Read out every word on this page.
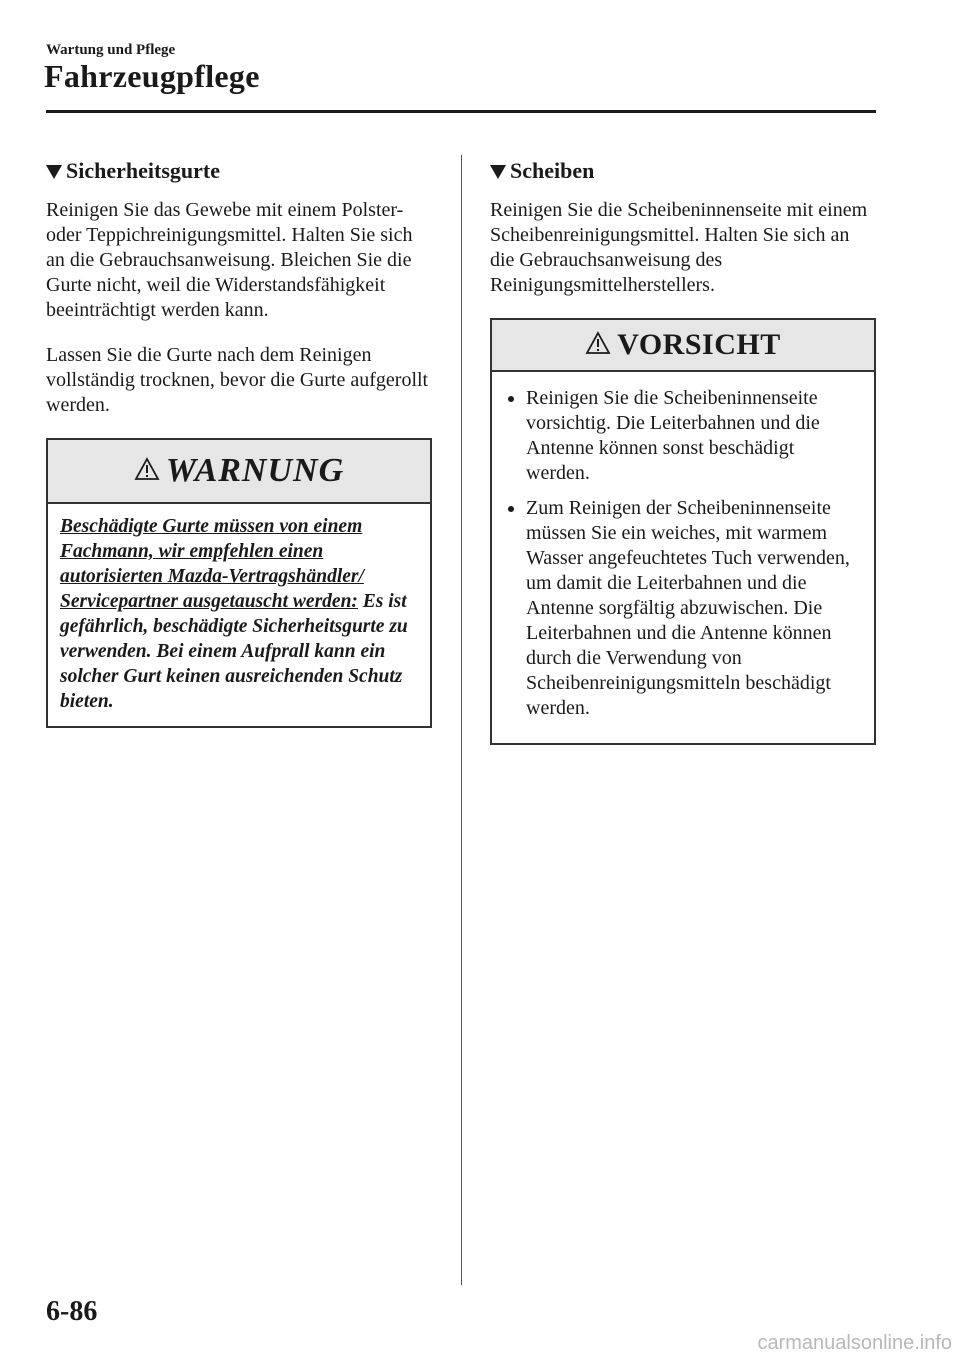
Wartung und Pflege
Fahrzeugpflege
Sicherheitsgurte

Reinigen Sie das Gewebe mit einem Polster- oder Teppichreinigungsmittel. Halten Sie sich an die Gebrauchsanweisung. Bleichen Sie die Gurte nicht, weil die Widerstandsfähigkeit beeinträchtigt werden kann.

Lassen Sie die Gurte nach dem Reinigen vollständig trocknen, bevor die Gurte aufgerollt werden.

WARNUNG
Beschädigte Gurte müssen von einem Fachmann, wir empfehlen einen autorisierten Mazda-Vertragshändler/ Servicepartner ausgetauscht werden: Es ist gefährlich, beschädigte Sicherheitsgurte zu verwenden. Bei einem Aufprall kann ein solcher Gurt keinen ausreichenden Schutz bieten.
Scheiben

Reinigen Sie die Scheibeninnenseite mit einem Scheibenreinigungsmittel. Halten Sie sich an die Gebrauchsanweisung des Reinigungsmittelherstellers.

VORSICHT
Reinigen Sie die Scheibeninnenseite vorsichtig. Die Leiterbahnen und die Antenne können sonst beschädigt werden.
Zum Reinigen der Scheibeninnenseite müssen Sie ein weiches, mit warmem Wasser angefeuchtetes Tuch verwenden, um damit die Leiterbahnen und die Antenne sorgfältig abzuwischen. Die Leiterbahnen und die Antenne können durch die Verwendung von Scheibenreinigungsmitteln beschädigt werden.
6-86
carmanualsonline.info
